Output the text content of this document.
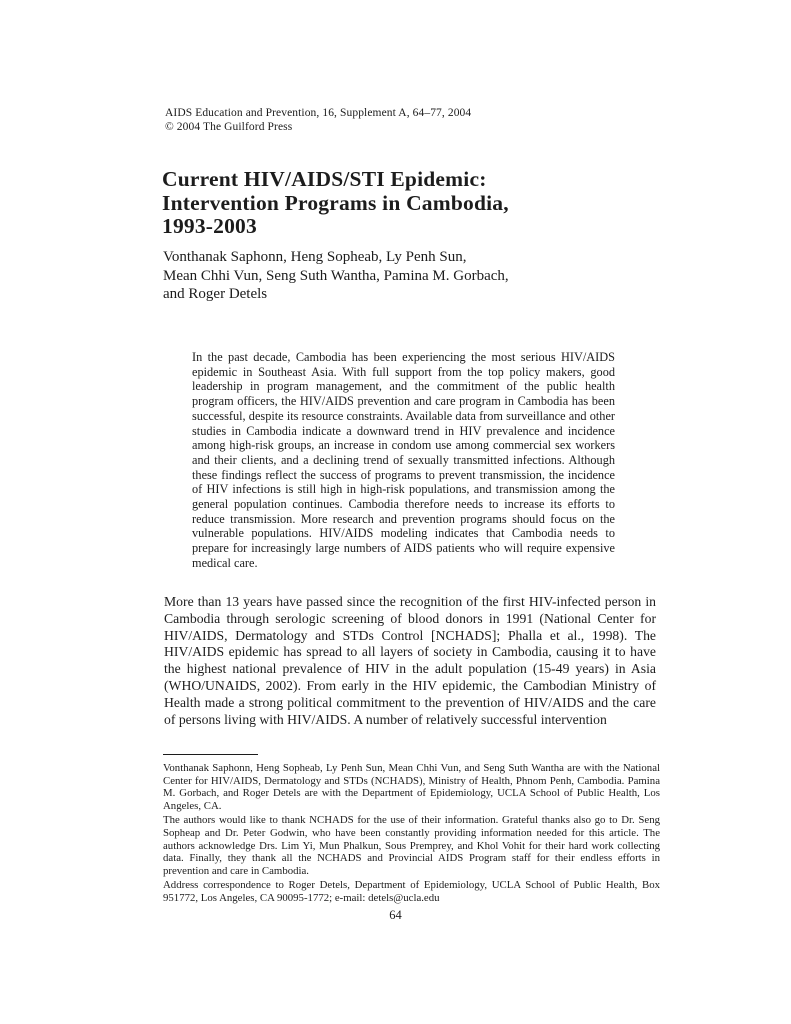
AIDS Education and Prevention, 16, Supplement A, 64–77, 2004
© 2004 The Guilford Press
Current HIV/AIDS/STI Epidemic:
Intervention Programs in Cambodia,
1993-2003
Vonthanak Saphonn, Heng Sopheab, Ly Penh Sun,
Mean Chhi Vun, Seng Suth Wantha, Pamina M. Gorbach,
and Roger Detels
In the past decade, Cambodia has been experiencing the most serious HIV/AIDS epidemic in Southeast Asia. With full support from the top policy makers, good leadership in program management, and the commitment of the public health program officers, the HIV/AIDS prevention and care program in Cambodia has been successful, despite its resource constraints. Available data from surveillance and other studies in Cambodia indicate a downward trend in HIV prevalence and incidence among high-risk groups, an increase in condom use among commercial sex workers and their clients, and a declining trend of sexually transmitted infections. Although these findings reflect the success of programs to prevent transmission, the incidence of HIV infections is still high in high-risk populations, and transmission among the general population continues. Cambodia therefore needs to increase its efforts to reduce transmission. More research and prevention programs should focus on the vulnerable populations. HIV/AIDS modeling indicates that Cambodia needs to prepare for increasingly large numbers of AIDS patients who will require expensive medical care.
More than 13 years have passed since the recognition of the first HIV-infected person in Cambodia through serologic screening of blood donors in 1991 (National Center for HIV/AIDS, Dermatology and STDs Control [NCHADS]; Phalla et al., 1998). The HIV/AIDS epidemic has spread to all layers of society in Cambodia, causing it to have the highest national prevalence of HIV in the adult population (15-49 years) in Asia (WHO/UNAIDS, 2002). From early in the HIV epidemic, the Cambodian Ministry of Health made a strong political commitment to the prevention of HIV/AIDS and the care of persons living with HIV/AIDS. A number of relatively successful intervention

Vonthanak Saphonn, Heng Sopheab, Ly Penh Sun, Mean Chhi Vun, and Seng Suth Wantha are with the National Center for HIV/AIDS, Dermatology and STDs (NCHADS), Ministry of Health, Phnom Penh, Cambodia. Pamina M. Gorbach, and Roger Detels are with the Department of Epidemiology, UCLA School of Public Health, Los Angeles, CA.

The authors would like to thank NCHADS for the use of their information. Grateful thanks also go to Dr. Seng Sopheap and Dr. Peter Godwin, who have been constantly providing information needed for this article. The authors acknowledge Drs. Lim Yi, Mun Phalkun, Sous Premprey, and Khol Vohit for their hard work collecting data. Finally, they thank all the NCHADS and Provincial AIDS Program staff for their endless efforts in prevention and care in Cambodia.

Address correspondence to Roger Detels, Department of Epidemiology, UCLA School of Public Health, Box 951772, Los Angeles, CA 90095-1772; e-mail: detels@ucla.edu

64
